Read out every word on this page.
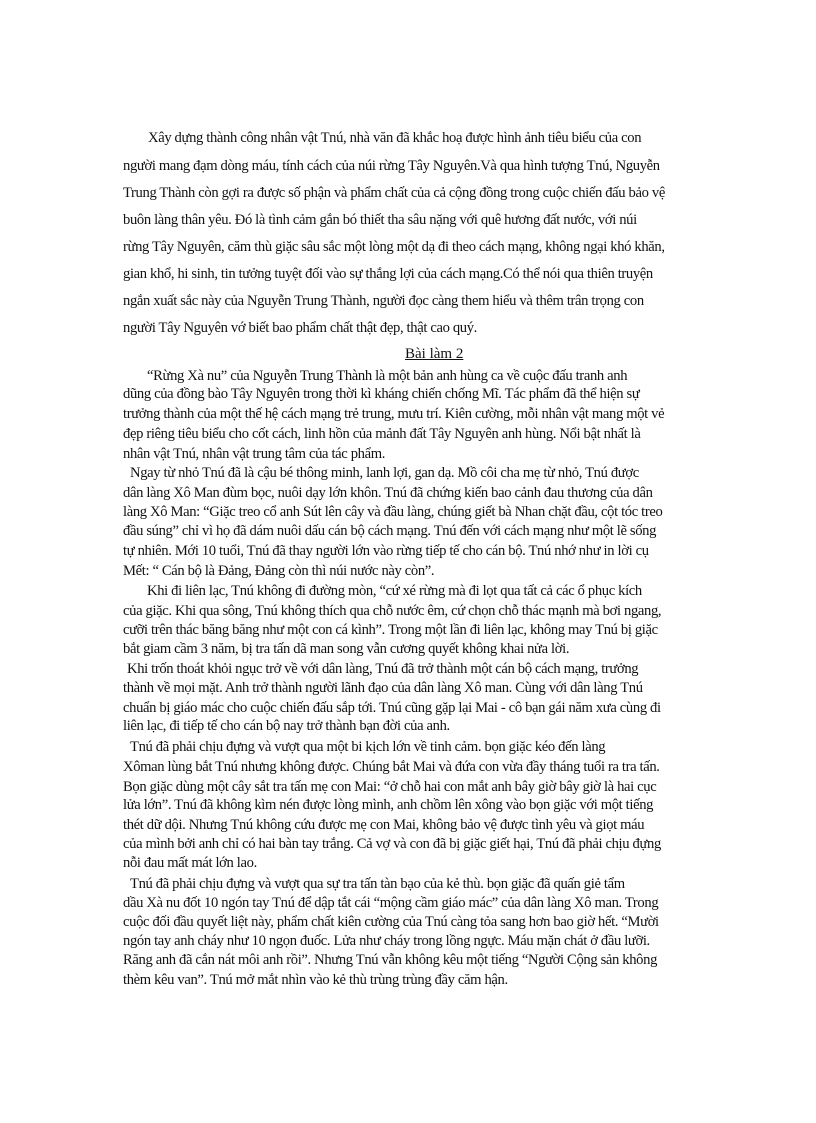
Xây dựng thành công nhân vật Tnú, nhà văn đã khắc hoạ được hình ảnh tiêu biểu của con
người mang đạm dòng máu, tính cách của núi rừng Tây Nguyên.Và qua hình tượng Tnú, Nguyễn
Trung Thành còn gợi ra được số phận và phẩm chất của cả cộng đồng trong cuộc chiến đấu bảo vệ
buôn làng thân yêu. Đó là tình cảm gắn bó thiết tha sâu nặng với quê hương đất nước, với núi
rừng Tây Nguyên, căm thù giặc sâu sắc một lòng một dạ đi theo cách mạng, không ngại khó khăn,
gian khổ, hi sinh, tin tưởng tuyệt đối vào sự thắng lợi của cách mạng.Có thể nói qua thiên truyện
ngắn xuất sắc này của Nguyễn Trung Thành, người đọc càng them hiểu và thêm trân trọng con
người Tây Nguyên vớ biết bao phẩm chất thật đẹp, thật cao quý.
Bài làm 2
“Rừng Xà nu” của Nguyễn Trung Thành là một bản anh hùng ca về cuộc đấu tranh anh
dũng của đồng bào Tây Nguyên trong thời kì kháng chiến chống Mĩ. Tác phẩm đã thể hiện sự
trưởng thành của một thế hệ cách mạng trẻ trung, mưu trí. Kiên cường, mỗi nhân vật mang một vẻ
đẹp riêng tiêu biểu cho cốt cách, linh hồn của mảnh đất Tây Nguyên anh hùng. Nổi bật nhất là
nhân vật Tnú, nhân vật trung tâm của tác phẩm.
Ngay từ nhỏ Tnú đã là cậu bé thông minh, lanh lợi, gan dạ. Mồ côi cha mẹ từ nhỏ, Tnú được
dân làng Xô Man đùm bọc, nuôi dạy lớn khôn. Tnú đã chứng kiến bao cảnh đau thương của dân
làng Xô Man: “Giặc treo cổ anh Sút lên cây và đầu làng, chúng giết bà Nhan chặt đầu, cột tóc treo
đầu súng” chỉ vì họ đã dám nuôi dấu cán bộ cách mạng. Tnú đến với cách mạng như một lẽ sống
tự nhiên. Mới 10 tuổi, Tnú đã thay người lớn vào rừng tiếp tế cho cán bộ. Tnú nhớ như in lời cụ
Mết: “ Cán bộ là Đảng, Đảng còn thì núi nước này còn”.
Khi đi liên lạc, Tnú không đi đường mòn, “cứ xé rừng mà đi lọt qua tất cả các ổ phục kích
của giặc. Khi qua sông, Tnú không thích qua chỗ nước êm, cứ chọn chỗ thác mạnh mà bơi ngang,
cưỡi trên thác băng băng như một con cá kình”. Trong một lần đi liên lạc, không may Tnú bị giặc
bắt giam cầm 3 năm, bị tra tấn dã man song vẫn cương quyết không khai nửa lời.
Khi trốn thoát khỏi ngục trở về với dân làng, Tnú đã trở thành một cán bộ cách mạng, trưởng
thành về mọi mặt. Anh trở thành người lãnh đạo của dân làng Xô man. Cùng với dân làng Tnú
chuẩn bị giáo mác cho cuộc chiến đấu sắp tới. Tnú cũng gặp lại Mai - cô bạn gái năm xưa cùng đi
liên lạc, đi tiếp tế cho cán bộ nay trở thành bạn đời của anh.
Tnú đã phải chịu đựng và vượt qua một bi kịch lớn về tinh cảm. bọn giặc kéo đến làng
Xôman lùng bắt Tnú nhưng không được. Chúng bắt Mai và đứa con vừa đầy tháng tuổi ra tra tấn.
Bọn giặc dùng một cây sắt tra tấn mẹ con Mai: “ở chỗ hai con mắt anh bây giờ bây giờ là hai cục
lửa lớn”. Tnú đã không kìm nén được lòng mình, anh chồm lên xông vào bọn giặc với một tiếng
thét dữ dội. Nhưng Tnú không cứu được mẹ con Mai, không bảo vệ được tình yêu và giọt máu
của mình bởi anh chỉ có hai bàn tay trắng. Cả vợ và con đã bị giặc giết hại, Tnú đã phải chịu đựng
nỗi đau mất mát lớn lao.
Tnú đã phải chịu đựng và vượt qua sự tra tấn tàn bạo của kẻ thù. bọn giặc đã quấn giẻ tẩm
dầu Xà nu đốt 10 ngón tay Tnú để dập tắt cái “mộng cầm giáo mác” của dân làng Xô man. Trong
cuộc đối đầu quyết liệt này, phẩm chất kiên cường của Tnú càng tỏa sang hơn bao giờ hết. “Mười
ngón tay anh cháy như 10 ngọn đuốc. Lửa như cháy trong lồng ngực. Máu mặn chát ở đầu lưỡi.
Răng anh đã cắn nát môi anh rồi”. Nhưng Tnú vẫn không kêu một tiếng “Người Cộng sản không
thèm kêu van”. Tnú mở mắt nhìn vào kẻ thù trùng trùng đầy căm hận.
